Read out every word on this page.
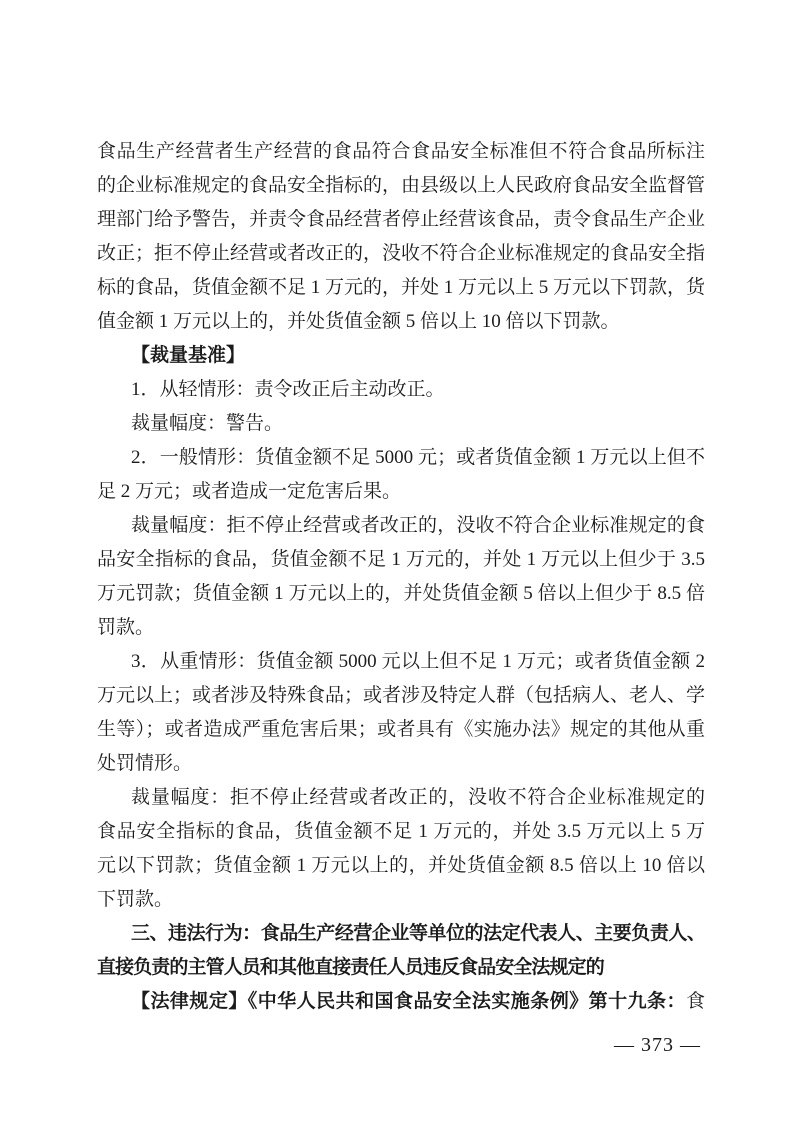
食品生产经营者生产经营的食品符合食品安全标准但不符合食品所标注
的企业标准规定的食品安全指标的，由县级以上人民政府食品安全监督管
理部门给予警告，并责令食品经营者停止经营该食品，责令食品生产企业
改正；拒不停止经营或者改正的，没收不符合企业标准规定的食品安全指
标的食品，货值金额不足 1 万元的，并处 1 万元以上 5 万元以下罚款，货
值金额 1 万元以上的，并处货值金额 5 倍以上 10 倍以下罚款。
【裁量基准】
1．从轻情形：责令改正后主动改正。
裁量幅度：警告。
2．一般情形：货值金额不足 5000 元；或者货值金额 1 万元以上但不
足 2 万元；或者造成一定危害后果。
裁量幅度：拒不停止经营或者改正的，没收不符合企业标准规定的食
品安全指标的食品，货值金额不足 1 万元的，并处 1 万元以上但少于 3.5
万元罚款；货值金额 1 万元以上的，并处货值金额 5 倍以上但少于 8.5 倍
罚款。
3．从重情形：货值金额 5000 元以上但不足 1 万元；或者货值金额 2
万元以上；或者涉及特殊食品；或者涉及特定人群（包括病人、老人、学
生等）；或者造成严重危害后果；或者具有《实施办法》规定的其他从重
处罚情形。
裁量幅度：拒不停止经营或者改正的，没收不符合企业标准规定的
食品安全指标的食品，货值金额不足 1 万元的，并处 3.5 万元以上 5 万
元以下罚款；货值金额 1 万元以上的，并处货值金额 8.5 倍以上 10 倍以
下罚款。
三、违法行为：食品生产经营企业等单位的法定代表人、主要负责人、
直接负责的主管人员和其他直接责任人员违反食品安全法规定的
【法律规定】《中华人民共和国食品安全法实施条例》第十九条：食
— 373 —
